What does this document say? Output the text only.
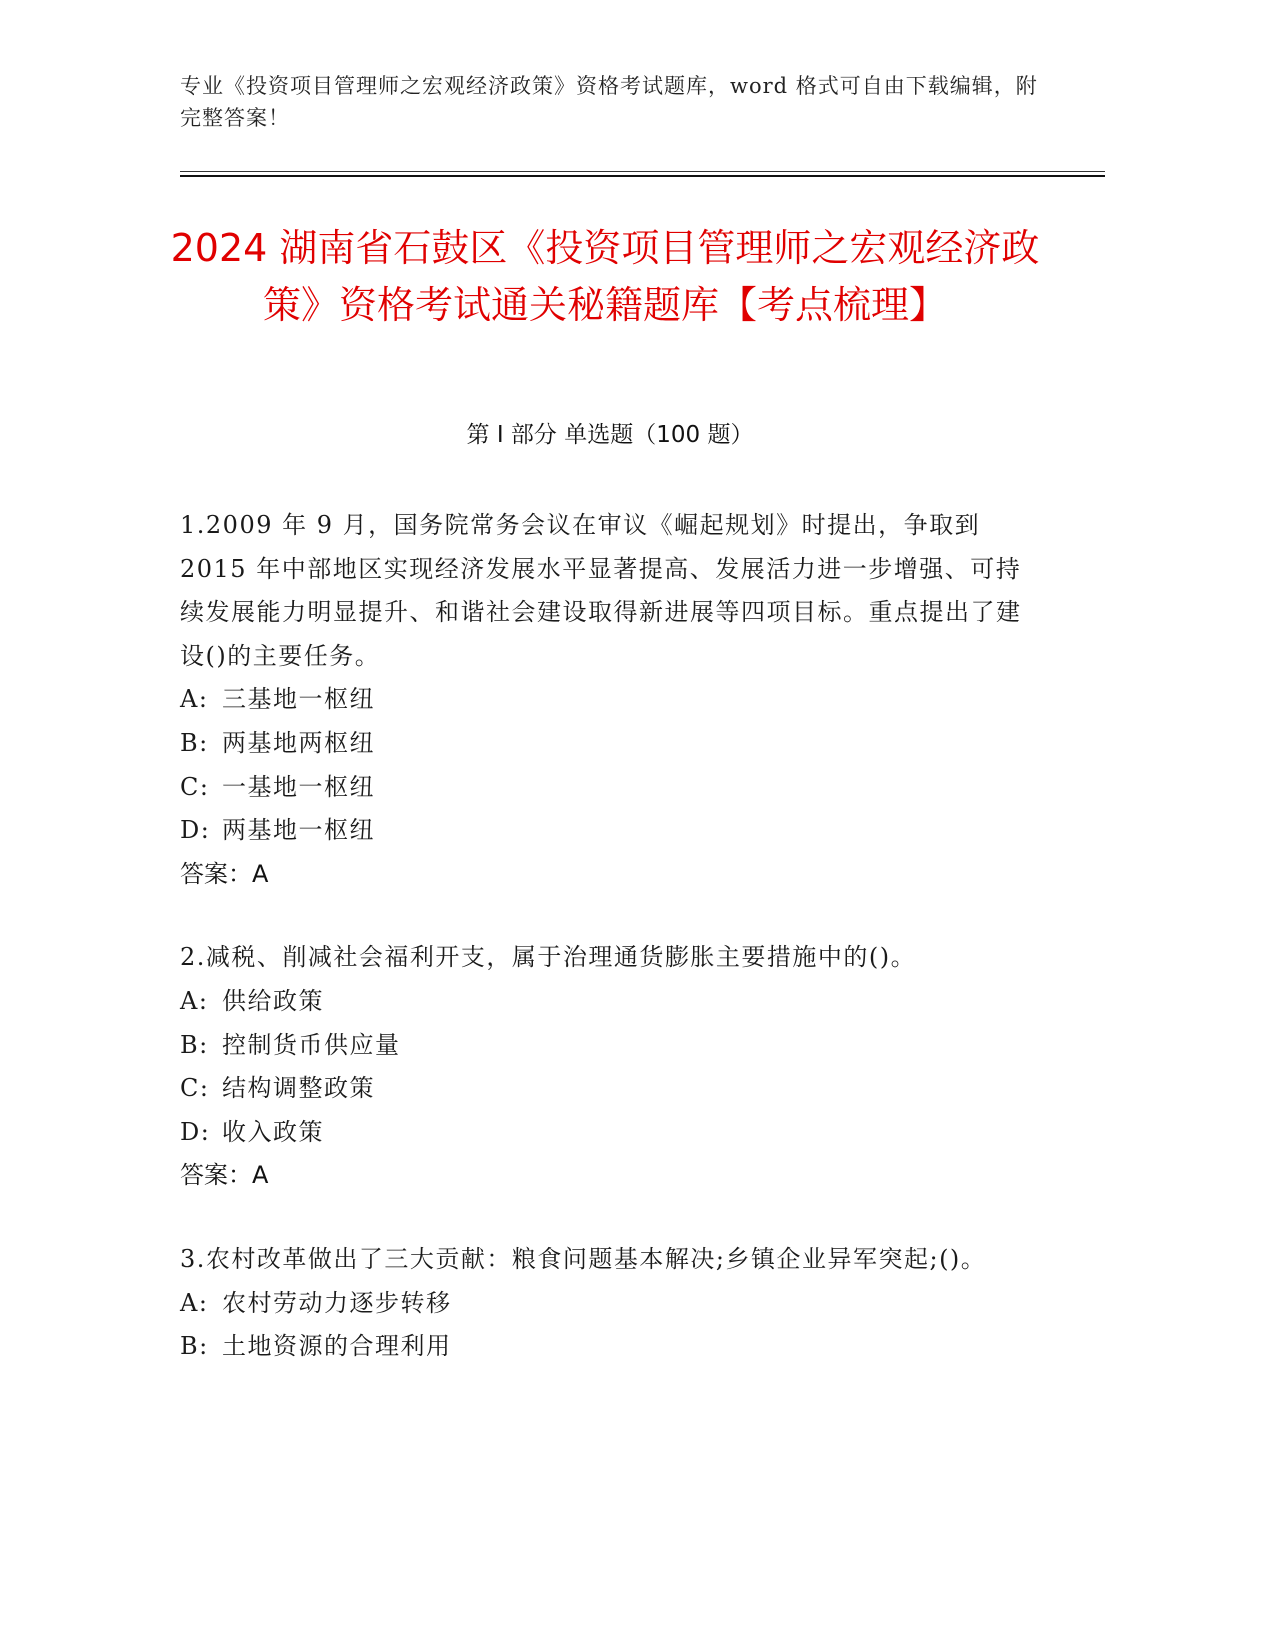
专业《投资项目管理师之宏观经济政策》资格考试题库，word 格式可自由下载编辑，附完整答案！
2024 湖南省石鼓区《投资项目管理师之宏观经济政策》资格考试通关秘籍题库【考点梳理】
第 I 部分 单选题（100 题）

1.2009 年 9 月，国务院常务会议在审议《崛起规划》时提出，争取到 2015 年中部地区实现经济发展水平显著提高、发展活力进一步增强、可持续发展能力明显提升、和谐社会建设取得新进展等四项目标。重点提出了建设()的主要任务。

A: 三基地一枢纽

B: 两基地两枢纽

C: 一基地一枢纽

D: 两基地一枢纽

答案：A

2.减税、削减社会福利开支，属于治理通货膨胀主要措施中的()。

A: 供给政策

B: 控制货币供应量

C: 结构调整政策

D: 收入政策

答案：A

3.农村改革做出了三大贡献：粮食问题基本解决;乡镇企业异军突起;()。

A: 农村劳动力逐步转移

B: 土地资源的合理利用
